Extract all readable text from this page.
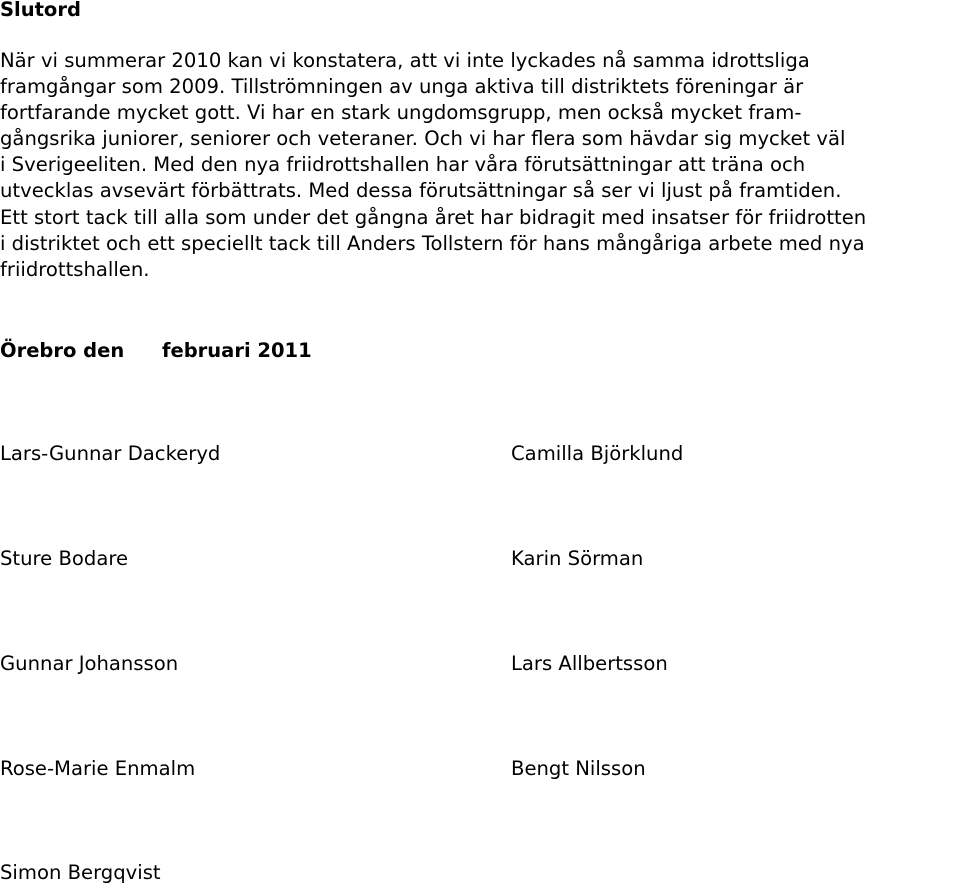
Slutord

När vi summerar 2010 kan vi konstatera, att vi inte lyckades nå samma idrottsliga

framgångar som 2009. Tillströmningen av unga aktiva till distriktets föreningar är

fortfarande mycket gott. Vi har en stark ungdomsgrupp, men också mycket fram-

gångsrika juniorer, seniorer och veteraner. Och vi har flera som hävdar sig mycket väl

i Sverigeeliten. Med den nya friidrottshallen har våra förutsättningar att träna och

utvecklas avsevärt förbättrats. Med dessa förutsättningar så ser vi ljust på framtiden.

Ett stort tack till alla som under det gångna året har bidragit med insatser för friidrotten

i distriktet och ett speciellt tack till Anders Tollstern för hans mångåriga arbete med nya

friidrottshallen.

Örebro den februari 2011
Lars-Gunnar Dackeryd	Camilla Björklund
Sture Bodare	Karin Sörman
Gunnar Johansson	Lars Allbertsson
Rose-Marie Enmalm	Bengt Nilsson
Simon Bergqvist
